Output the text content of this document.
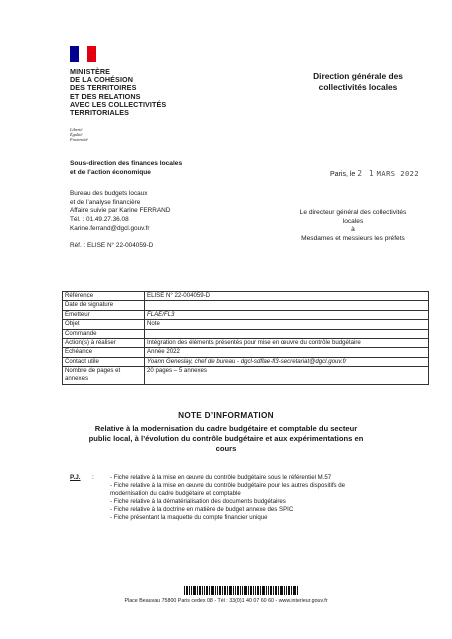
MINISTÈRE
DE LA COHÉSION
DES TERRITOIRES
ET DES RELATIONS
AVEC LES COLLECTIVITÉS
TERRITORIALES
Liberté
Égalité
Fraternité
Direction générale des
collectivités locales
Sous-direction des finances locales
et de l’action économique
Bureau des budgets locaux
et de l’analyse financière
Affaire suivie par Karine FERRAND
Tél. : 01.49.27.36.08
Karine.ferrand@dgcl.gouv.fr
Réf. : ELISE N° 22-004059-D
Paris, le 2 1 MARS 2022
Le directeur général des collectivités
locales
à
Mesdames et messieurs les préfets
Référence	ELISE N° 22-004059-D
Date de signature	
Emetteur	FLAE/FL3
Objet	Note
Commande	
Action(s) à réaliser	Intégration des éléments présentés pour mise en œuvre du contrôle budgétaire
Echéance	Année 2022
Contact utile	Yoann Geneslay, chef de bureau - dgcl-sdflae-fl3-secretariat@dgcl.gouv.fr
Nombre de pages et annexes	20 pages – 5 annexes
NOTE D’INFORMATION
Relative à la modernisation du cadre budgétaire et comptable du secteur
public local, à l’évolution du contrôle budgétaire et aux expérimentations en
cours
P.J. :	- Fiche relative à la mise en œuvre du contrôle budgétaire sous le référentiel M.57
- Fiche relative à la mise en œuvre du contrôle budgétaire pour les autres dispositifs de modernisation du cadre budgétaire et comptable
- Fiche relative à la dématérialisation des documents budgétaires
- Fiche relative à la doctrine en matière de budget annexe des SPIC
- Fiche présentant la maquette du compte financier unique
Place Beauvau 75800 Paris cedex 08 - Tél : 33(0)1 40 07 60 60 - www.interieur.gouv.fr
